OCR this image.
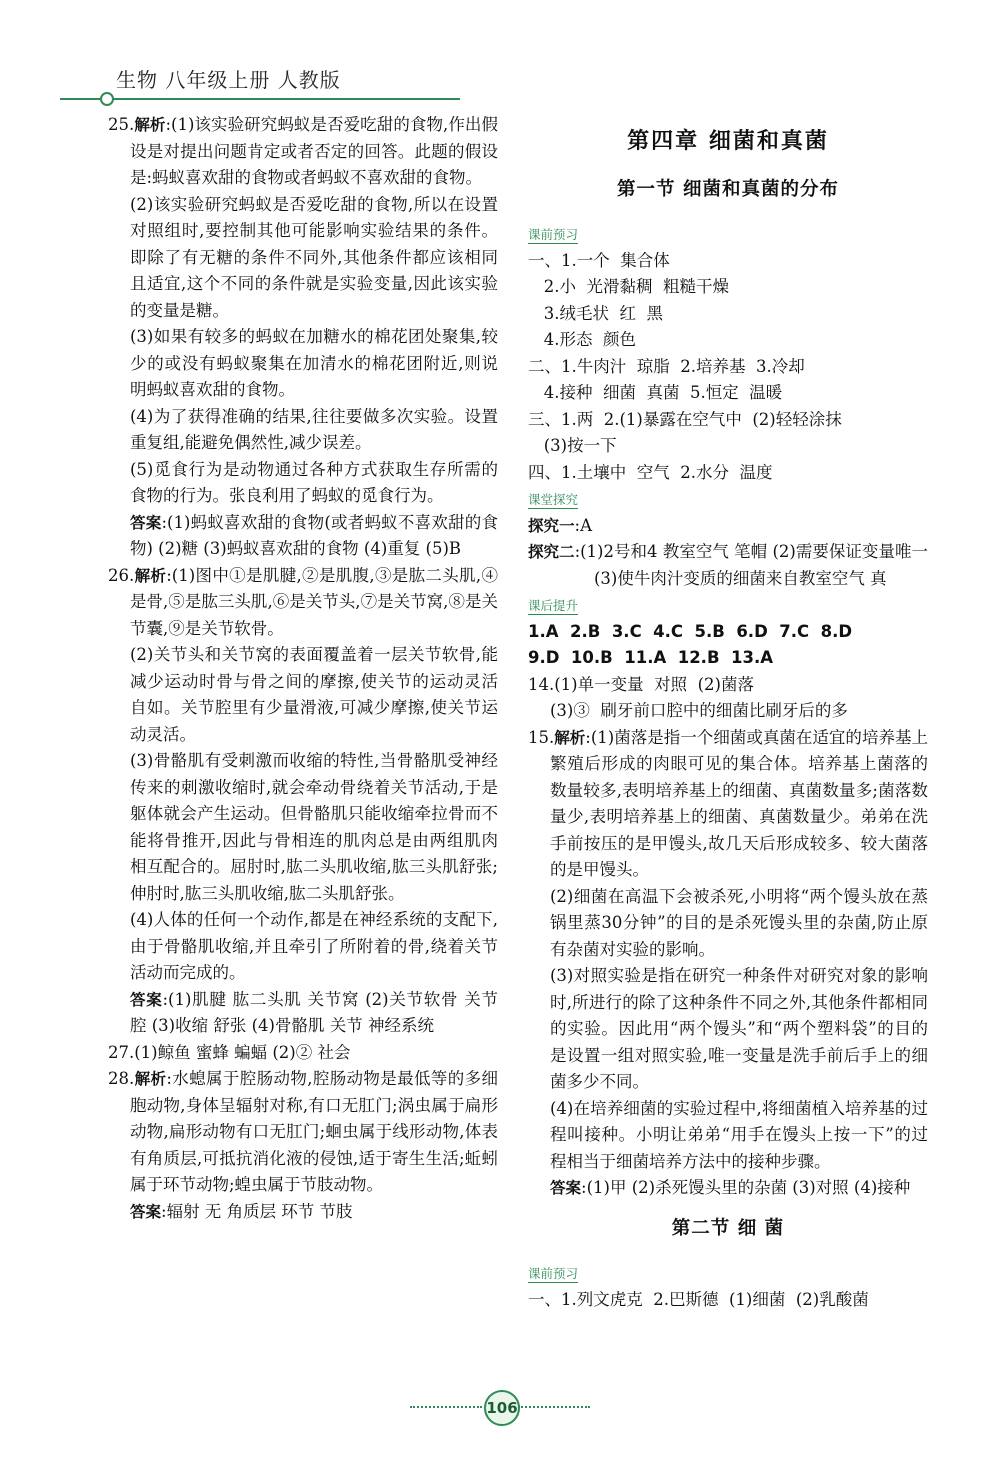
生物 八年级上册 人教版

25.解析:(1)该实验研究蚂蚁是否爱吃甜的食物,作出假设是对提出问题肯定或者否定的回答。此题的假设是:蚂蚁喜欢甜的食物或者蚂蚁不喜欢甜的食物。

(2)该实验研究蚂蚁是否爱吃甜的食物,所以在设置对照组时,要控制其他可能影响实验结果的条件。即除了有无糖的条件不同外,其他条件都应该相同且适宜,这个不同的条件就是实验变量,因此该实验的变量是糖。

(3)如果有较多的蚂蚁在加糖水的棉花团处聚集,较少的或没有蚂蚁聚集在加清水的棉花团附近,则说明蚂蚁喜欢甜的食物。

(4)为了获得准确的结果,往往要做多次实验。设置重复组,能避免偶然性,减少误差。

(5)觅食行为是动物通过各种方式获取生存所需的食物的行为。张良利用了蚂蚁的觅食行为。

答案:(1)蚂蚁喜欢甜的食物(或者蚂蚁不喜欢甜的食物) (2)糖 (3)蚂蚁喜欢甜的食物 (4)重复 (5)B

26.解析:(1)图中①是肌腱,②是肌腹,③是肱二头肌,④是骨,⑤是肱三头肌,⑥是关节头,⑦是关节窝,⑧是关节囊,⑨是关节软骨。

(2)关节头和关节窝的表面覆盖着一层关节软骨,能减少运动时骨与骨之间的摩擦,使关节的运动灵活自如。关节腔里有少量滑液,可减少摩擦,使关节运动灵活。

(3)骨骼肌有受刺激而收缩的特性,当骨骼肌受神经传来的刺激收缩时,就会牵动骨绕着关节活动,于是躯体就会产生运动。但骨骼肌只能收缩牵拉骨而不能将骨推开,因此与骨相连的肌肉总是由两组肌肉相互配合的。屈肘时,肱二头肌收缩,肱三头肌舒张;伸肘时,肱三头肌收缩,肱二头肌舒张。

(4)人体的任何一个动作,都是在神经系统的支配下,由于骨骼肌收缩,并且牵引了所附着的骨,绕着关节活动而完成的。

答案:(1)肌腱 肱二头肌 关节窝 (2)关节软骨 关节腔 (3)收缩 舒张 (4)骨骼肌 关节 神经系统

27.(1)鲸鱼 蜜蜂 蝙蝠 (2)② 社会

28.解析:水螅属于腔肠动物,腔肠动物是最低等的多细胞动物,身体呈辐射对称,有口无肛门;涡虫属于扁形动物,扁形动物有口无肛门;蛔虫属于线形动物,体表有角质层,可抵抗消化液的侵蚀,适于寄生生活;蚯蚓属于环节动物;蝗虫属于节肢动物。

答案:辐射 无 角质层 环节 节肢

第四章 细菌和真菌
第一节 细菌和真菌的分布
课前预习

一、1.一个  集合体

2.小  光滑黏稠  粗糙干燥

3.绒毛状  红  黑

4.形态  颜色

二、1.牛肉汁  琼脂  2.培养基  3.冷却

4.接种  细菌  真菌  5.恒定  温暖

三、1.两  2.(1)暴露在空气中  (2)轻轻涂抹

(3)按一下

四、1.土壤中  空气  2.水分  温度

课堂探究

探究一:A

探究二:(1)2号和4 教室空气 笔帽 (2)需要保证变量唯一 (3)使牛肉汁变质的细菌来自教室空气 真

课后提升

1.A  2.B  3.C  4.C  5.B  6.D  7.C  8.D

9.D  10.B  11.A  12.B  13.A

14.(1)单一变量  对照  (2)菌落

(3)③  刷牙前口腔中的细菌比刷牙后的多

15.解析:(1)菌落是指一个细菌或真菌在适宜的培养基上繁殖后形成的肉眼可见的集合体。培养基上菌落的数量较多,表明培养基上的细菌、真菌数量多;菌落数量少,表明培养基上的细菌、真菌数量少。弟弟在洗手前按压的是甲馒头,故几天后形成较多、较大菌落的是甲馒头。

(2)细菌在高温下会被杀死,小明将“两个馒头放在蒸锅里蒸30分钟”的目的是杀死馒头里的杂菌,防止原有杂菌对实验的影响。

(3)对照实验是指在研究一种条件对研究对象的影响时,所进行的除了这种条件不同之外,其他条件都相同的实验。因此用“两个馒头”和“两个塑料袋”的目的是设置一组对照实验,唯一变量是洗手前后手上的细菌多少不同。

(4)在培养细菌的实验过程中,将细菌植入培养基的过程叫接种。小明让弟弟“用手在馒头上按一下”的过程相当于细菌培养方法中的接种步骤。

答案:(1)甲 (2)杀死馒头里的杂菌 (3)对照 (4)接种

第二节 细 菌
课前预习

一、1.列文虎克  2.巴斯德  (1)细菌  (2)乳酸菌

106
